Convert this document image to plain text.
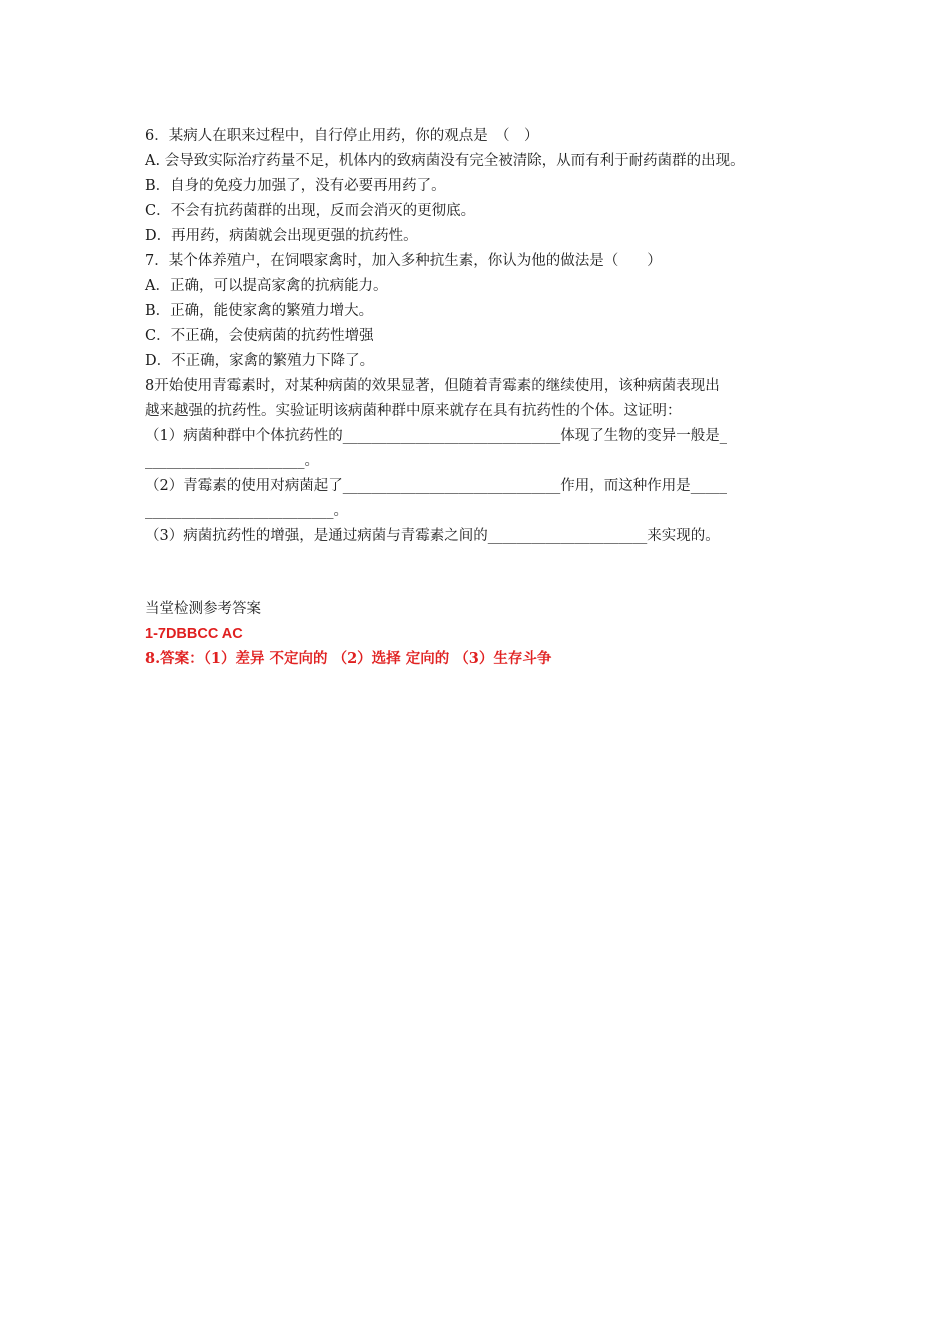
6．某病人在职来过程中，自行停止用药，你的观点是　（　）
A. 会导致实际治疗药量不足，机体内的致病菌没有完全被清除，从而有利于耐药菌群的出现。
B．自身的免疫力加强了，没有必要再用药了。
C．不会有抗药菌群的出现，反而会消灭的更彻底。
D．再用药，病菌就会出现更强的抗药性。
7．某个体养殖户，在饲喂家禽时，加入多种抗生素，你认为他的做法是（　　）
A．正确，可以提高家禽的抗病能力。
B．正确，能使家禽的繁殖力增大。
C．不正确，会使病菌的抗药性增强
D．不正确，家禽的繁殖力下降了。
8开始使用青霉素时，对某种病菌的效果显著，但随着青霉素的继续使用，该种病菌表现出
越来越强的抗药性。实验证明该病菌种群中原来就存在具有抗药性的个体。这证明：
（1）病菌种群中个体抗药性的______________________________体现了生物的变异一般是_
______________________。
（2）青霉素的使用对病菌起了______________________________作用，而这种作用是_____
__________________________。
（3）病菌抗药性的增强，是通过病菌与青霉素之间的______________________来实现的。
当堂检测参考答案
1-7DBBCC AC
8.答案：（1）差异 不定向的 （2）选择 定向的 （3）生存斗争
